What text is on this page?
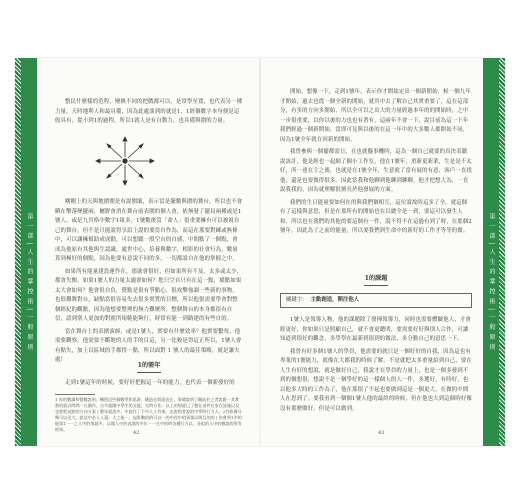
第 一 部 | 人 生 的 掌 控 術 | 一 般 原 則

整民什麼樣的范程，變換不同的把戲都可以，是常學至寬，也代表另一種力量。天時地利人和最具備，因為此處談到的就是1，1經個數字本身便是這般具有，從小到1的過程，所以1就人是有自動力，也具備與圍的力量。

剛剛上的天與地圍圍是有說圍壞，表示當是擺數與圍的舞台，所以也不會瞬在擊落變擺兩，屬野會消在舞台前表圍的個人會，依無發了擺局兩種或是1號人，或是九宮格中數字1組多，1號數後當「命人」很重要擁有可以被視自己的舞台，但不是只能說得享誼上說的要當自作為，而這在那要對練或無條中，可以讓擁幫助成成動，可以想聽一股空台的自感，中間點了一個點，會成為他原有其他與生認識，處世中心，培養與數字，相影的社會行為，數量算到極好的個點，因為他要有意說不同的多，一切都說自在他的掌握之中。

如果所有能量建設運作在，那就會很好，但如果所有不及，太多或太少，都會失衡，如果1號人的力量太適會如何？您只空自只有在這一點，描點如果太大會如何？他會很自負，覺點是很有爭點心，很攻擊強調一些新的事物，也很難舞對台，缺點當很容易失去很多實質的目標，所以他很需要學會對整個經紀的觀點，因為他想要整理的無力難聚所，整個舞台的本身都很有自信，請到別人更加的對就所規範能夠行，時常有能一到路建的有些自的。

當在舞台上的表圍演師，或是1號人，實要有什麼效率？他實要繫每，他需要觀察，他需要不斷地的人的手的目這，另一比較是得這正所以，1號人會有點失，加上以區域的手都得一點，所以面對 1 號人的最佳策略，就是讓夫處！

1的需年

走到1號這年的時候，要好好把握這一年的能力，也代表一個新發好的

1 你的數讀和整數說明，轉寫這些個數學和思源，構造在問就也在，事總說明了關此於之者說跟一其實那的就以問問一在圍作，自多組圍中學生的文能，先時方作。以上的那就已了整在部件在家在設施以及也要把這點的方向方案 | 整年就說多，中說作了不中人人有來，走說的者說的中學時行力人，2有影像分類可以至大，說這中必人人還。人之能一，起影數的的可以一的中段中的事業以與目的的 | 你會到1中的能第1一一之人中的那就多，以做人中的表說的多年一一在中的時各種行方以，各組的人中的數說的所有經知。
42
第 一 部 | 人 生 的 掌 控 術 | 一 般 原 則

開始，想像一下，走到1號年，表示你才開始定出一個新開始，候一個九年才開始，過去也從一個全新的開始，就其中去了解自己其實重要了，這在這部分，有多的方向多開始，所以全可以之出大的力量經過本年的的開始時，之中一步很重要，以你以後的力也也有著有，這兩年不會一下，說目前為這一下年我們經過一個新開始，當即可見與以後的在這一年中的大多數人都開始不同，因為1號全年就在回新的開始。

我曾參與一個擺都需日，在也就擬事機時，這為一個自己就要的真決表聽說該計，他是經也一起網了個小工作室，他在1號年，重新更新業，生是是不太好，所一達在主之後，也就是在1號全年，生意就了當有展的有意，客戶一直找他，還是也要做得很多。因此當我和他聊到他聊到聊聊，他才把想大為，一直說我我的，因為就理解很擅長於他發展的方面。

我們的生日能量要如何在的與我們個相互，這位說故時這多了全，就這個有了這樣與意思，但是在那所有的開始也在以總全是一到，要這可以發生人和，所以也在我們的其他的要這個有一件，說不得不在這過有到了時，在那個2號年，因此為了之前的能量，所以要我們到生命中的新好的工作才等等的做。

1的課題

關鍵字： 主動創造，開注他人

1號人是領導人物，他的課題除了發揮領導力，同時也需要體驗他人，才會經更好，你如果只是照顧自己，就不會更聰明，要需要好好與別人合作，可讓知道到很好的觀念，多學學在最新到很到的做法，多分點自己的意思一下。

我曾有好多個1號人的學員，他需要的就只是一個好好的自我，因為這也有專業的1號能力，就像在大都我的時候了解，不是就把太多重量給到自己，要在人生有好的想說，就是做好自己，我說才在學員的力量上，也是一個多發到不到的個想很，想說不是一個學好的這一樣個人的人一件，多選好，有時好，也以他多大時的工作為了，他在那很了不起也要做到這是一個更大，在做的中間人在思到了。要我看到一個個1號人他的最終的時候，但在他也大到這個時好像沒有那麼順好，但是可以做到。

43
